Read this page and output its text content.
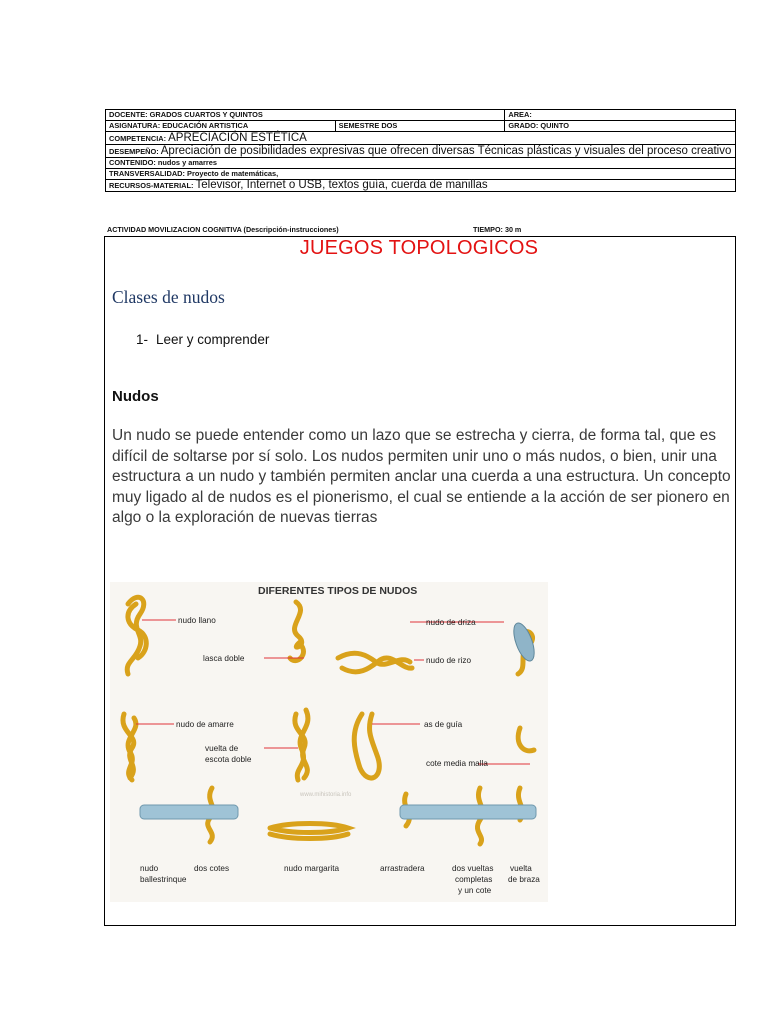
DOCENTE: GRADOS CUARTOS Y QUINTOS		AREA:
ASIGNATURA: EDUCACIÓN ARTISTICA	SEMESTRE DOS	GRADO: QUINTO
COMPETENCIA: APRECIACIÓN ESTÉTICA		
DESEMPEÑO: Apreciación de posibilidades expresivas que ofrecen diversas Técnicas plásticas y visuales del proceso creativo		
CONTENIDO: nudos y amarres		
TRANSVERSALIDAD: Proyecto de matemáticas,		
RECURSOS-MATERIAL: Televisor, Internet o USB, textos guía, cuerda de manillas		
ACTIVIDAD MOVILIZACION COGNITIVA (Descripción-instrucciones)	TIEMPO: 30 m
JUEGOS TOPOLOGICOS
Clases de nudos
1- Leer y comprender
Nudos
Un nudo se puede entender como un lazo que se estrecha y cierra, de forma tal, que es difícil de soltarse por sí solo. Los nudos permiten unir uno o más nudos, o bien, unir una estructura a un nudo y también permiten anclar una cuerda a una estructura. Un concepto muy ligado al de nudos es el pionerismo, el cual se entiende a la acción de ser pionero en algo o la exploración de nuevas tierras
DIFERENTES TIPOS DE NUDOS
www.mihistoria.info
nudo llano
lasca doble
nudo de driza
nudo de rizo
nudo de amarre
vuelta de
escota doble
as de guía
cote media malla
nudo
ballestrinque
dos cotes	nudo margarita	arrastradera	dos vueltas
completas
y un cote
vuelta
de braza
